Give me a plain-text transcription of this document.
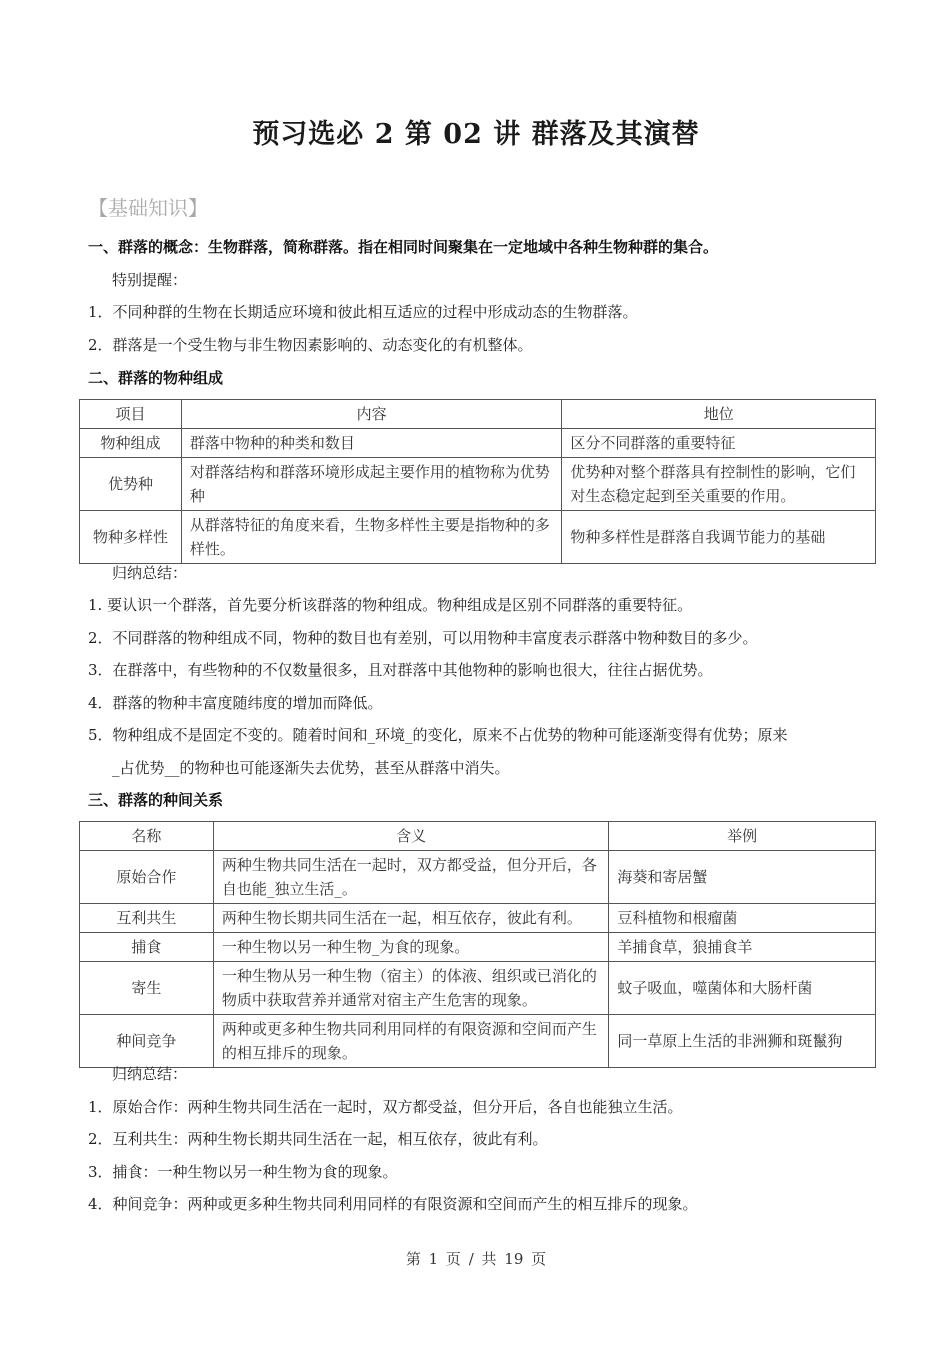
预习选必 2 第 02 讲 群落及其演替
【基础知识】
一、群落的概念：生物群落，简称群落。指在相同时间聚集在一定地域中各种生物种群的集合。
特别提醒：
1．不同种群的生物在长期适应环境和彼此相互适应的过程中形成动态的生物群落。
2．群落是一个受生物与非生物因素影响的、动态变化的有机整体。
二、群落的物种组成
项目	内容	地位
物种组成	群落中物种的种类和数目	区分不同群落的重要特征
优势种	对群落结构和群落环境形成起主要作用的植物称为优势种	优势种对整个群落具有控制性的影响，它们对生态稳定起到至关重要的作用。
物种多样性	从群落特征的角度来看，生物多样性主要是指物种的多样性。	物种多样性是群落自我调节能力的基础
归纳总结：
1. 要认识一个群落，首先要分析该群落的物种组成。物种组成是区别不同群落的重要特征。
2．不同群落的物种组成不同，物种的数目也有差别，可以用物种丰富度表示群落中物种数目的多少。
3．在群落中，有些物种的不仅数量很多，且对群落中其他物种的影响也很大，往往占据优势。
4．群落的物种丰富度随纬度的增加而降低。
5．物种组成不是固定不变的。随着时间和_环境_的变化，原来不占优势的物种可能逐渐变得有优势；原来
_占优势__的物种也可能逐渐失去优势，甚至从群落中消失。
三、群落的种间关系
名称	含义	举例
原始合作	两种生物共同生活在一起时，双方都受益，但分开后，各自也能_独立生活_。	海葵和寄居蟹
互利共生	两种生物长期共同生活在一起，相互依存，彼此有利。	豆科植物和根瘤菌
捕食	一种生物以另一种生物_为食的现象。	羊捕食草，狼捕食羊
寄生	一种生物从另一种生物（宿主）的体液、组织或已消化的物质中获取营养并通常对宿主产生危害的现象。	蚊子吸血，噬菌体和大肠杆菌
种间竞争	两种或更多种生物共同利用同样的有限资源和空间而产生的相互排斥的现象。	同一草原上生活的非洲狮和斑鬣狗
归纳总结：
1．原始合作：两种生物共同生活在一起时，双方都受益，但分开后，各自也能独立生活。
2．互利共生：两种生物长期共同生活在一起，相互依存，彼此有利。
3．捕食：一种生物以另一种生物为食的现象。
4．种间竞争：两种或更多种生物共同利用同样的有限资源和空间而产生的相互排斥的现象。
第 1 页 / 共 19 页
